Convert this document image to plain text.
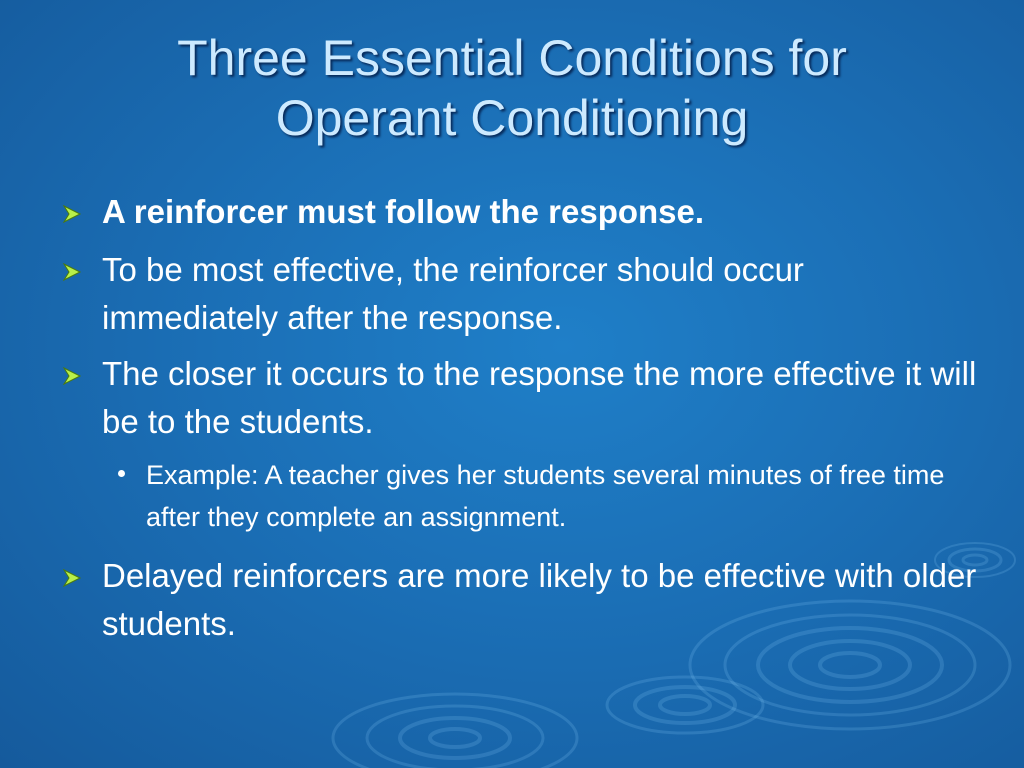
Three Essential Conditions for
Operant Conditioning
A reinforcer must follow the response.
To be most effective, the reinforcer should occur immediately after the response.
The closer it occurs to the response the more effective it will be to the students.
Example: A teacher gives her students several minutes of free time after they complete an assignment.
Delayed reinforcers are more likely to be effective with older students.
